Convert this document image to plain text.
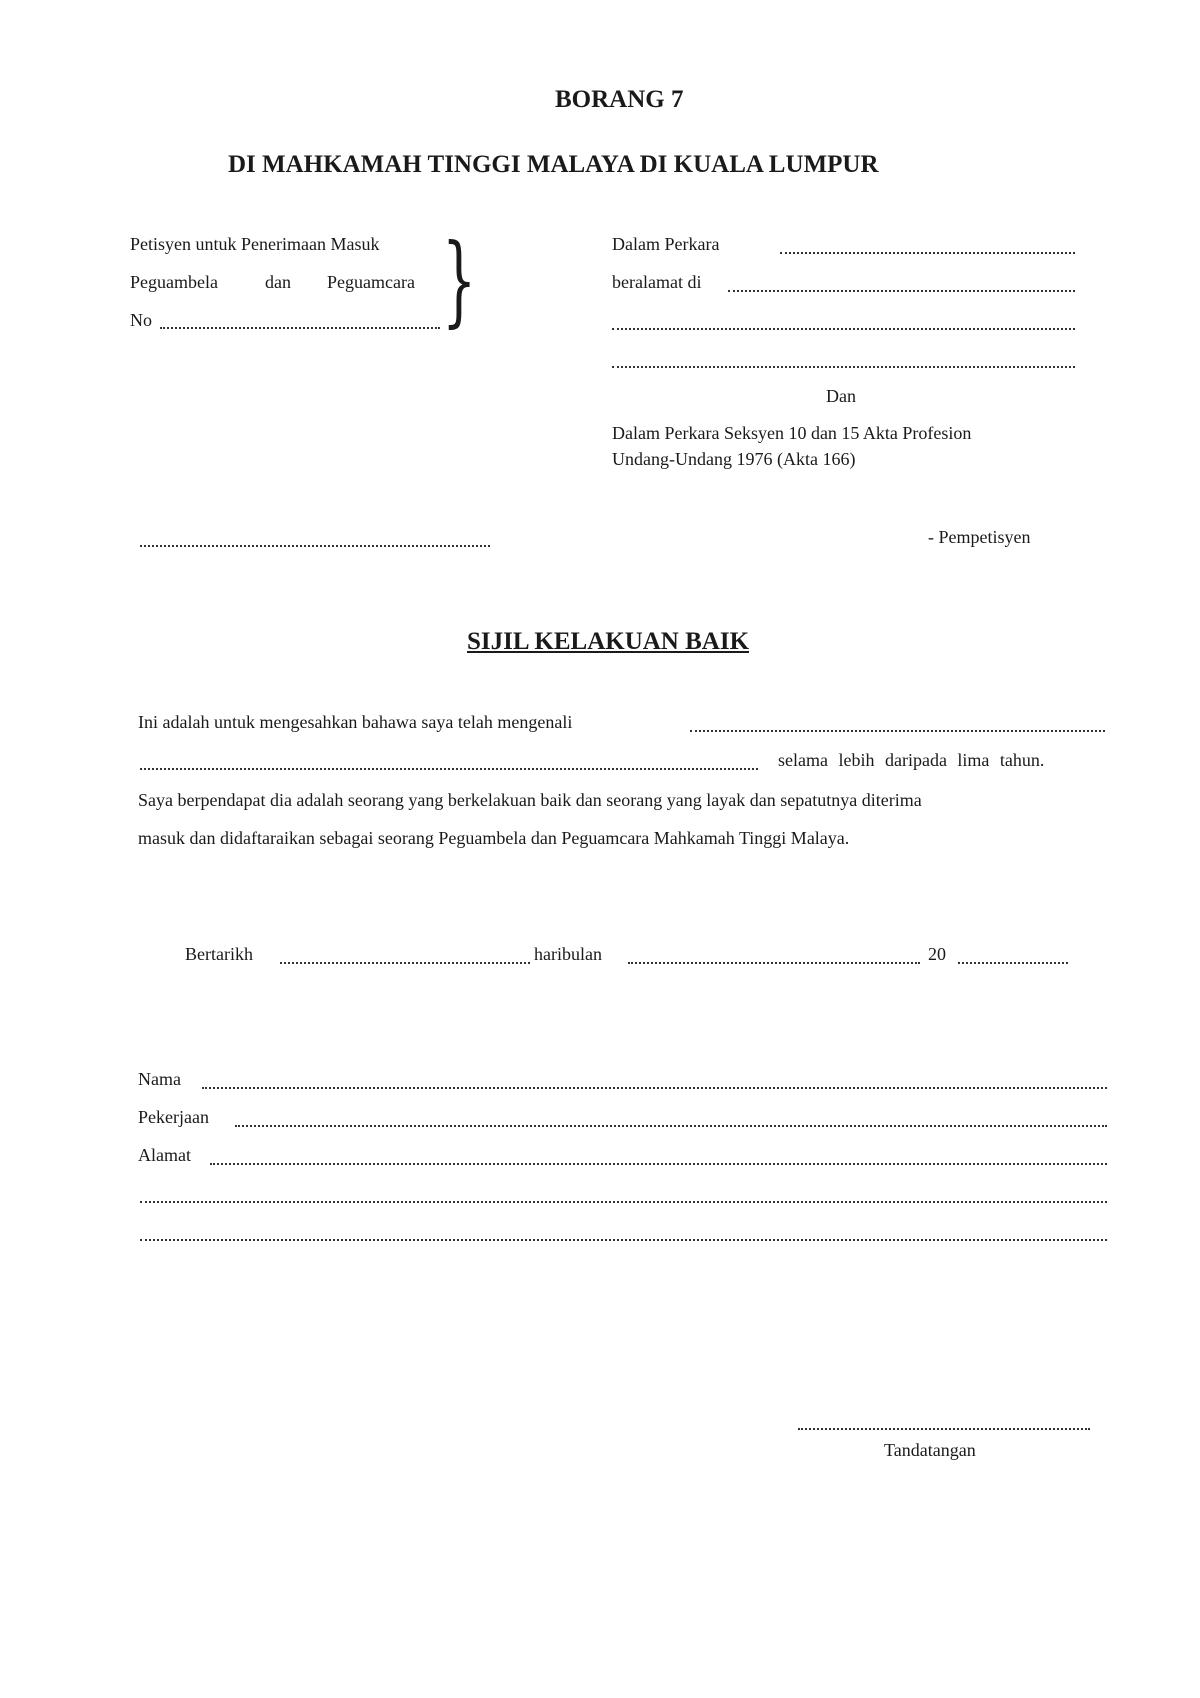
BORANG 7
DI MAHKAMAH TINGGI MALAYA DI KUALA LUMPUR
Petisyen untuk Penerimaan Masuk
Peguambela	dan Peguamcara
No	}	Dalam Perkara
beralamat di
Dan
Dalam Perkara Seksyen 10 dan 15 Akta Profesion
Undang-Undang 1976 (Akta 166)
- Pempetisyen
SIJIL KELAKUAN BAIK
Ini adalah untuk mengesahkan bahawa saya telah mengenali
selama lebih daripada lima tahun.
Saya berpendapat dia adalah seorang yang berkelakuan baik dan seorang yang layak dan sepatutnya diterima
masuk dan didaftaraikan sebagai seorang Peguambela dan Peguamcara Mahkamah Tinggi Malaya.
Bertarikh	haribulan	20
Nama
Pekerjaan
Alamat
Tandatangan
